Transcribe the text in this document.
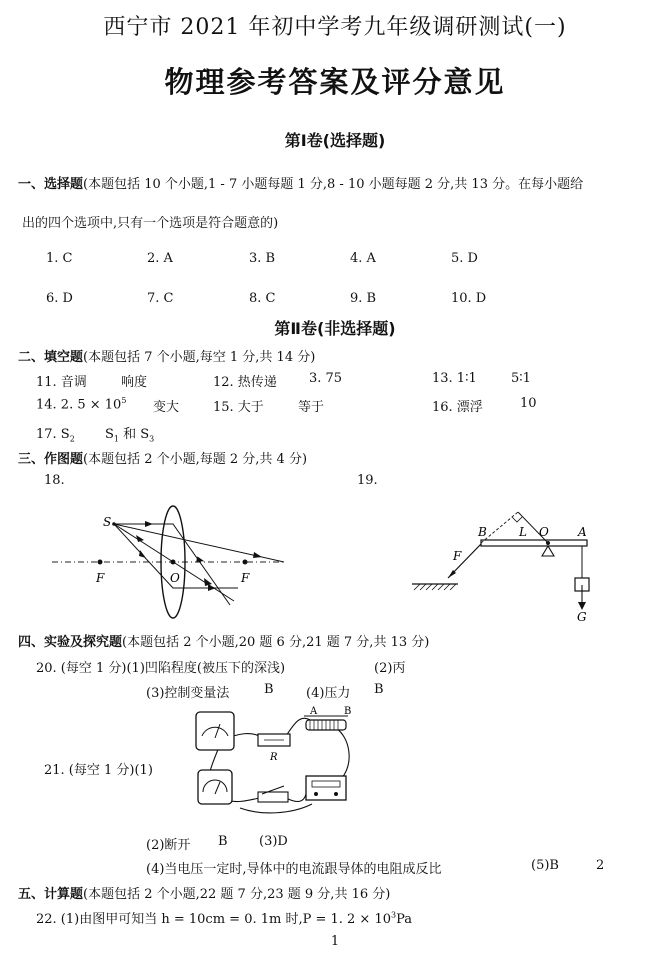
西宁市 2021 年初中学考九年级调研测试(一)
物理参考答案及评分意见
第Ⅰ卷(选择题)
一、选择题(本题包括 10 个小题,1 - 7 小题每题 1 分,8 - 10 小题每题 2 分,共 13 分。在每小题给
出的四个选项中,只有一个选项是符合题意的)
1. C	2. A	3. B	4. A	5. D
6. D	7. C	8. C	9. B	10. D
第Ⅱ卷(非选择题)
二、填空题(本题包括 7 个小题,每空 1 分,共 14 分)
11. 音调	响度	12. 热传递 3. 75	13. 1∶1	5∶1
14. 2. $5 \times 10^5$ 变大	15. 大于	等于	16. 漂浮	10
17. $S_2$ $S_1$ 和 $S_3$
三、作图题(本题包括 2 个小题,每题 2 分,共 4 分)
18.	19.
S
F	O	F
B	L O A
F
G
四、实验及探究题(本题包括 2 个小题,20 题 6 分,21 题 7 分,共 13 分)
20. (每空 1 分)(1)凹陷程度(被压下的深浅)	(2)丙
(3)控制变量法	B (4)压力 B
21. (每空 1 分)(1)
A	B
R
(2)断开 B (3)D
(4)当电压一定时,导体中的电流跟导体的电阻成反比	(5)B	2
五、计算题(本题包括 2 个小题,22 题 7 分,23 题 9 分,共 16 分)
22. (1)由图甲可知当 h = 10cm = 0. 1m 时,P = 1. $2 \times 10^3Pa$
1
